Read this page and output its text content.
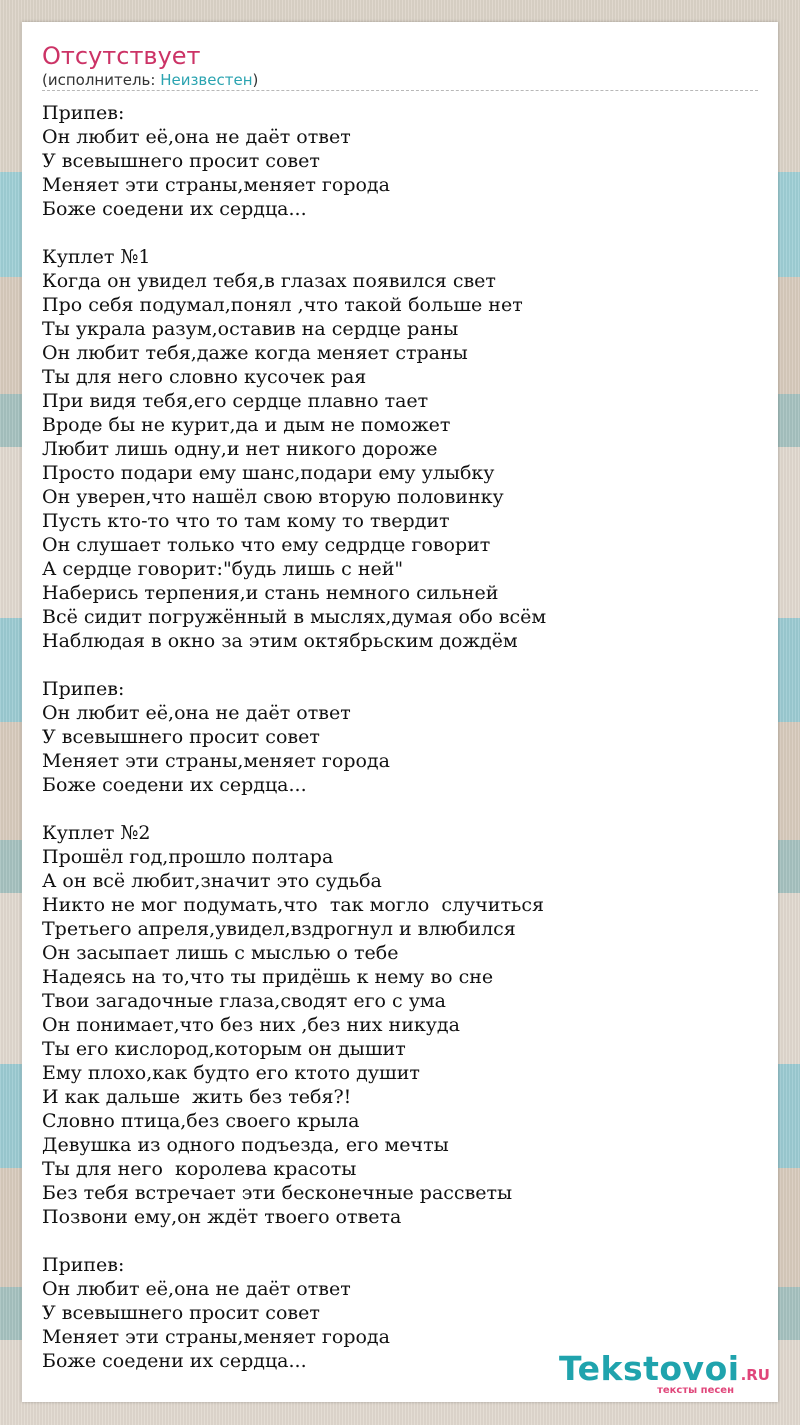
Отсутствует
(исполнитель: Неизвестен)
Припев:
Он любит её,она не даёт ответ
У всевышнего просит совет
Меняет эти страны,меняет города
Боже соедени их сердца...
Куплет №1
Когда он увидел тебя,в глазах появился свет
Про себя подумал,понял ,что такой больше нет
Ты украла разум,оставив на сердце раны
Он любит тебя,даже когда меняет страны
Ты для него словно кусочек рая
При видя тебя,его сердце плавно тает
Вроде бы не курит,да и дым не поможет
Любит лишь одну,и нет никого дороже
Просто подари ему шанс,подари ему улыбку
Он уверен,что нашёл свою вторую половинку
Пусть кто-то что то там кому то твердит
Он слушает только что ему седрдце говорит
А сердце говорит:"будь лишь с ней"
Наберись терпения,и стань немного сильней
Всё сидит погружённый в мыслях,думая обо всём
Наблюдая в окно за этим октябрьским дождём
Припев:
Он любит её,она не даёт ответ
У всевышнего просит совет
Меняет эти страны,меняет города
Боже соедени их сердца...
Куплет №2
Прошёл год,прошло полтара
А он всё любит,значит это судьба
Никто не мог подумать,что  так могло  случиться
Третьего апреля,увидел,вздрогнул и влюбился
Он засыпает лишь с мыслью о тебе
Надеясь на то,что ты придёшь к нему во сне
Твои загадочные глаза,сводят его с ума
Он понимает,что без них ,без них никуда
Ты его кислород,которым он дышит
Ему плохо,как будто его ктото душит
И как дальше  жить без тебя?!
Словно птица,без своего крыла
Девушка из одного подъезда, его мечты
Ты для него  королева красоты
Без тебя встречает эти бесконечные рассветы
Позвони ему,он ждёт твоего ответа
Припев:
Он любит её,она не даёт ответ
У всевышнего просит совет
Меняет эти страны,меняет города
Боже соедени их сердца...	Tekstovoi.RU
тексты песен
